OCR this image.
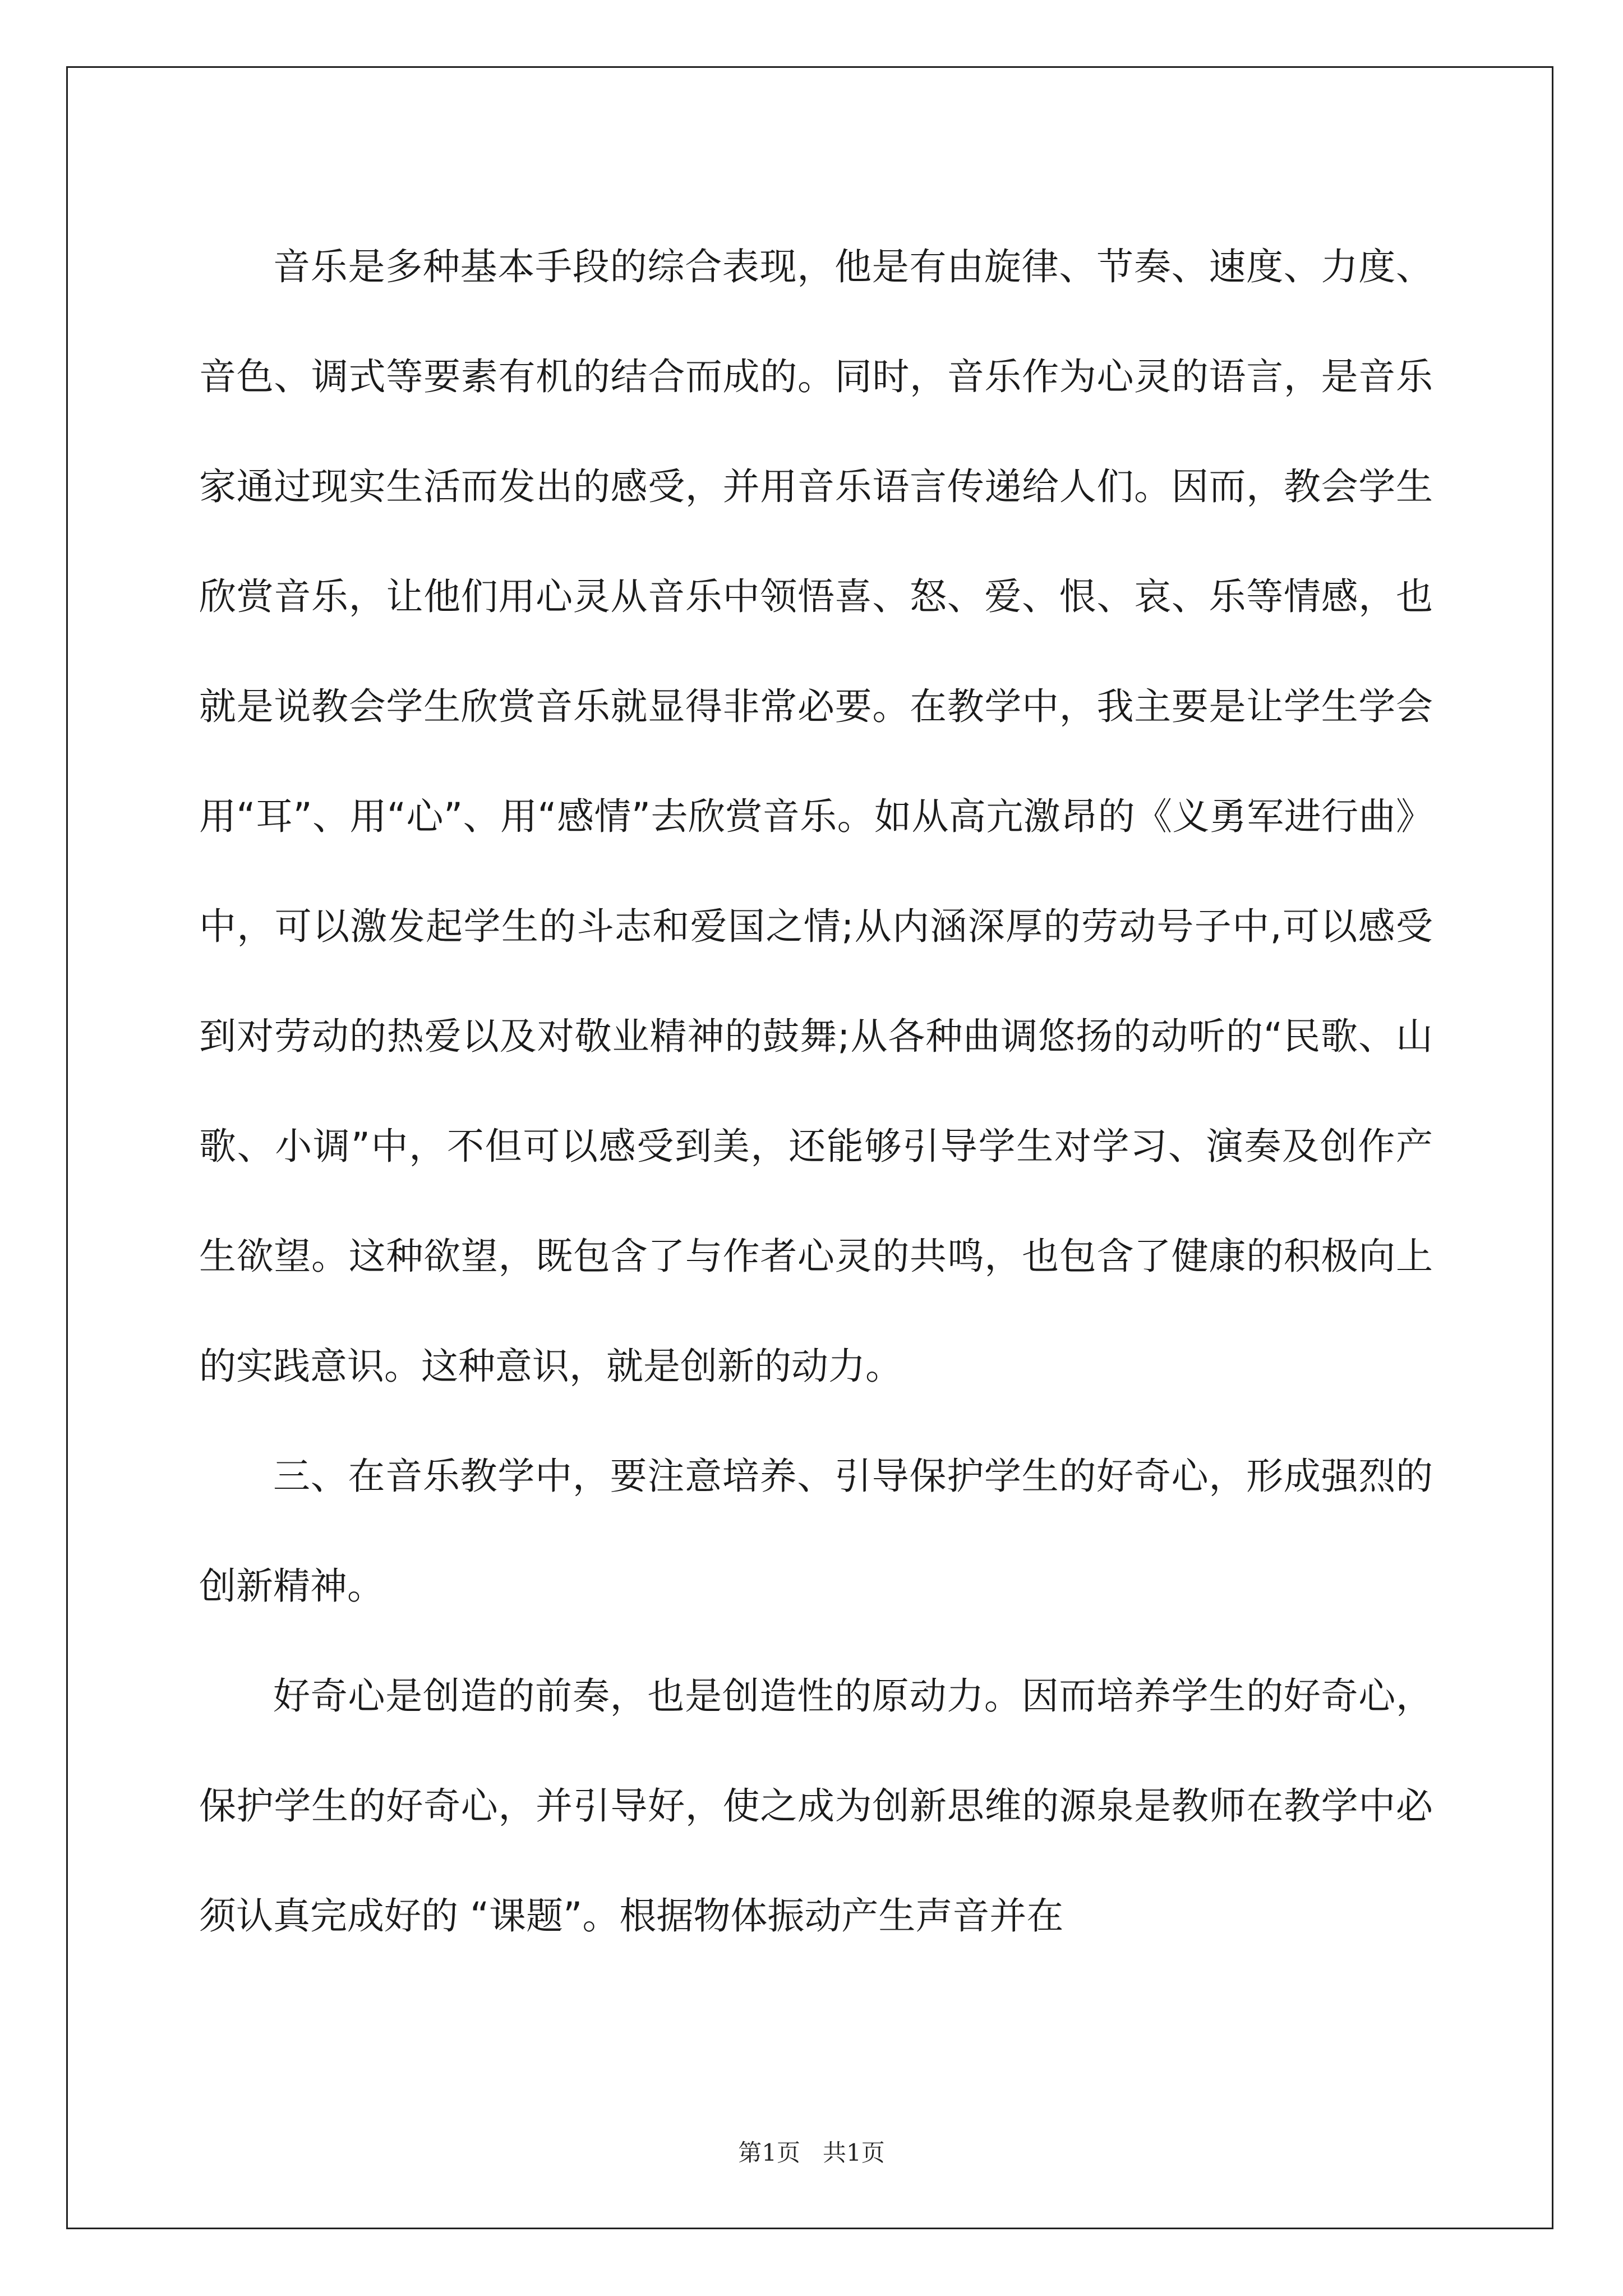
音乐是多种基本手段的综合表现，他是有由旋律、节奏、速度、力度、音色、调式等要素有机的结合而成的。同时，音乐作为心灵的语言，是音乐家通过现实生活而发出的感受，并用音乐语言传递给人们。因而，教会学生欣赏音乐，让他们用心灵从音乐中领悟喜、怒、爱、恨、哀、乐等情感，也就是说教会学生欣赏音乐就显得非常必要。在教学中，我主要是让学生学会用“耳”、用“心”、用“感情”去欣赏音乐。如从高亢激昂的《义勇军进行曲》中，可以激发起学生的斗志和爱国之情;从内涵深厚的劳动号子中,可以感受到对劳动的热爱以及对敬业精神的鼓舞;从各种曲调悠扬的动听的“民歌、山歌、小调”中，不但可以感受到美，还能够引导学生对学习、演奏及创作产生欲望。这种欲望，既包含了与作者心灵的共鸣，也包含了健康的积极向上的实践意识。这种意识，就是创新的动力。

三、在音乐教学中，要注意培养、引导保护学生的好奇心，形成强烈的创新精神。

好奇心是创造的前奏，也是创造性的原动力。因而培养学生的好奇心，保护学生的好奇心，并引导好，使之成为创新思维的源泉是教师在教学中必须认真完成好的 “课题”。根据物体振动产生声音并在

第1页 共1页
